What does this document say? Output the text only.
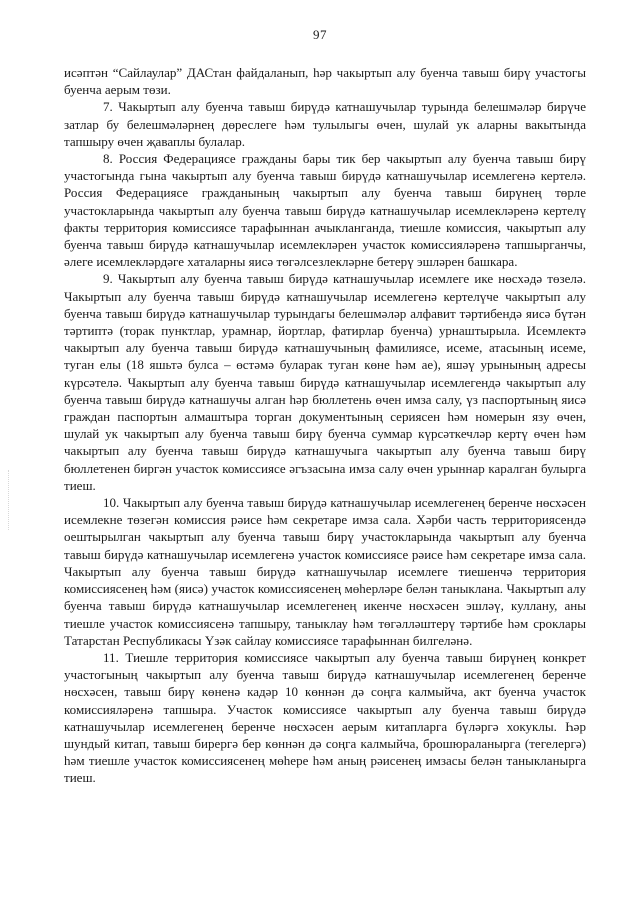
97

исәптән “Сайлаулар” ДАСтан файдаланып, һәр чакыртып алу буенча тавыш бирү участогы буенча аерым төзи.

7. Чакыртып алу буенча тавыш бирүдә катнашучылар турында белешмәләр бирүче затлар бу белешмәләрнең дөреслеге һәм тулылыгы өчен, шулай ук аларны вакытында тапшыру өчен җаваплы булалар.

8. Россия Федерациясе гражданы бары тик бер чакыртып алу буенча тавыш бирү участогында гына чакыртып алу буенча тавыш бирүдә катнашучылар исемлегенә кертелә. Россия Федерациясе гражданының чакыртып алу буенча тавыш бирүнең төрле участокларында чакыртып алу буенча тавыш бирүдә катнашучылар исемлекләренә кертелү факты территория комиссиясе тарафыннан ачыкланганда, тиешле комиссия, чакыртып алу буенча тавыш бирүдә катнашучылар исемлекләрен участок комиссияләренә тапшырганчы, әлеге исемлекләрдәге хаталарны яисә төгәлсезлекләрне бетерү эшләрен башкара.

9. Чакыртып алу буенча тавыш бирүдә катнашучылар исемлеге ике нөсхәдә төзелә. Чакыртып алу буенча тавыш бирүдә катнашучылар исемлегенә кертелүче чакыртып алу буенча тавыш бирүдә катнашучылар турындагы белешмәләр алфавит тәртибендә яисә бүтән тәртиптә (торак пунктлар, урамнар, йортлар, фатирлар буенча) урнаштырыла. Исемлектә чакыртып алу буенча тавыш бирүдә катнашучының фамилиясе, исеме, атасының исеме, туган елы (18 яшьтә булса – өстәмә буларак туган көне һәм ае), яшәү урынының адресы күрсәтелә. Чакыртып алу буенча тавыш бирүдә катнашучылар исемлегендә чакыртып алу буенча тавыш бирүдә катнашучы алган һәр бюллетень өчен имза салу, үз паспортының яисә граждан паспортын алмаштыра торган документының сериясен һәм номерын язу өчен, шулай ук чакыртып алу буенча тавыш бирү буенча суммар күрсәткечләр кертү өчен һәм чакыртып алу буенча тавыш бирүдә катнашучыга чакыртып алу буенча тавыш бирү бюллетенен биргән участок комиссиясе әгъзасына имза салу өчен урыннар каралган булырга тиеш.

10. Чакыртып алу буенча тавыш бирүдә катнашучылар исемлегенең беренче нөсхәсен исемлекне төзегән комиссия рәисе һәм секретаре имза сала. Хәрби часть территориясендә оештырылган чакыртып алу буенча тавыш бирү участокларында чакыртып алу буенча тавыш бирүдә катнашучылар исемлегенә участок комиссиясе рәисе һәм секретаре имза сала. Чакыртып алу буенча тавыш бирүдә катнашучылар исемлеге тиешенчә территория комиссиясенең һәм (яисә) участок комиссиясенең мөһерләре белән таныклана. Чакыртып алу буенча тавыш бирүдә катнашучылар исемлегенең икенче нөсхәсен эшләү, куллану, аны тиешле участок комиссиясенә тапшыру, таныклау һәм төгәлләштерү тәртибе һәм сроклары Татарстан Республикасы Үзәк сайлау комиссиясе тарафыннан билгеләнә.

11. Тиешле территория комиссиясе чакыртып алу буенча тавыш бирүнең конкрет участогының чакыртып алу буенча тавыш бирүдә катнашучылар исемлегенең беренче нөсхәсен, тавыш бирү көненә кадәр 10 көннән дә соңга калмыйча, акт буенча участок комиссияләренә тапшыра. Участок комиссиясе чакыртып алу буенча тавыш бирүдә катнашучылар исемлегенең беренче нөсхәсен аерым китапларга бүләргә хокуклы. Һәр шундый китап, тавыш бирергә бер көннән дә соңга калмыйча, брошюраланырга (тегелергә) һәм тиешле участок комиссиясенең мөһере һәм аның рәисенең имзасы белән таныкланырга тиеш.
